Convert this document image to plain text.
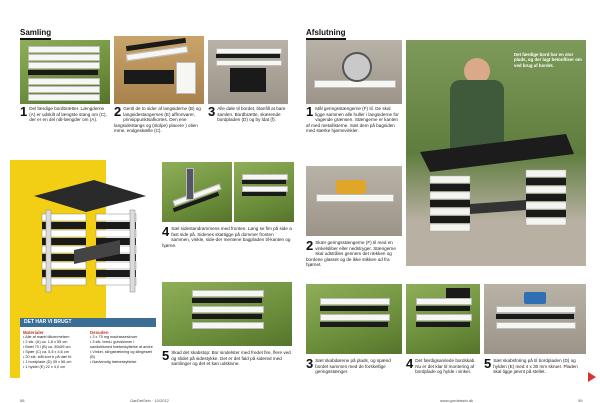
Samling
1 Del færdige bordbrætter. Længderne (A) er udskilt af længste stang om (C), der er en del nål-længder om (A).
2 Gentl de to sider af langsiderne (B) og langsidestangernes (E) affronvarer, prinsippunktsafkortes. Den ene langsidestangs og (stolpe) placere ) olien mme, endgeskælle (C).
3 Alle døle til bordet, blønfill at bare samlen. Bordbrætte, skærende bordpladen (D) og by ldat (f).
4 Sæl sidestandrammens med fronten. Løng se fim på side a fast side på. Sidenes skattigge på dommer fronten sammen, vinkle, side-der mentene bagpladen til-kanten og hjørne.
5 Skad det skabstop: Bor sindelster med fredet fire, flere ved og slidet på sidestykke. Det er det fald på sidered med samlinger og det et kan udskivne.
DET HAR VI BRUGT
Materialer
• Alle af møntt tilkommelser:
• 2 stk. (A) ca. 1,8 x 55 cm
• Bræt 70 i (B) ca. 90x55 cm
• Spær (C) ca. 5,5 x 4,6 cm
• 20 stk. stål kort tr på dæl til:
• 1 bordplade (D) 35 x 56 cm
• 1 hyldel (E) 22 x 4,0 cm
Desuden
• 3 x 75 mg madrasseskruer
• 3 stk. bred-i gulvskinner i sandstilsmed træbeskyttelse af andre
• Vinkel, slingstrækning og klingesæt (B)
• Nødvendig træbeskyttelse
58	GørDetSelv · 10/2012
Afslutning
1 Mål geringsstængerne (F) til. De skal ligge sammen alle huller i langsiderne for vagende grænsen. Stængerne er kanten af med metallisterne. Sæt dem på bagsiden med stærke hjørnevinkler.
2 Skær geringsstængerne (F) til med en vinkelsliber eller nedstryger. Stængerne skal udstråles gennem det rækken og bordene glasset og de ikke stikken ud fra hjørnet.
Det færdige bord har en stor plads, og der lagt betonfliser om ved brug af bordet.
3 Sæt skabdørene på plads, og spænd bordet sammen med de forskellige geringsstænger.
4 Det færdigsamlede bordskab. Nu er det klar til montering af bordplade og hylde i vinkel.
5 Sæt skabsforing på til bordpladen (D) og hylden (E) med 4 x 30 mm skruer. Pladen skal ligge jævnt på stellet.
www.gordetselv.dk	59
